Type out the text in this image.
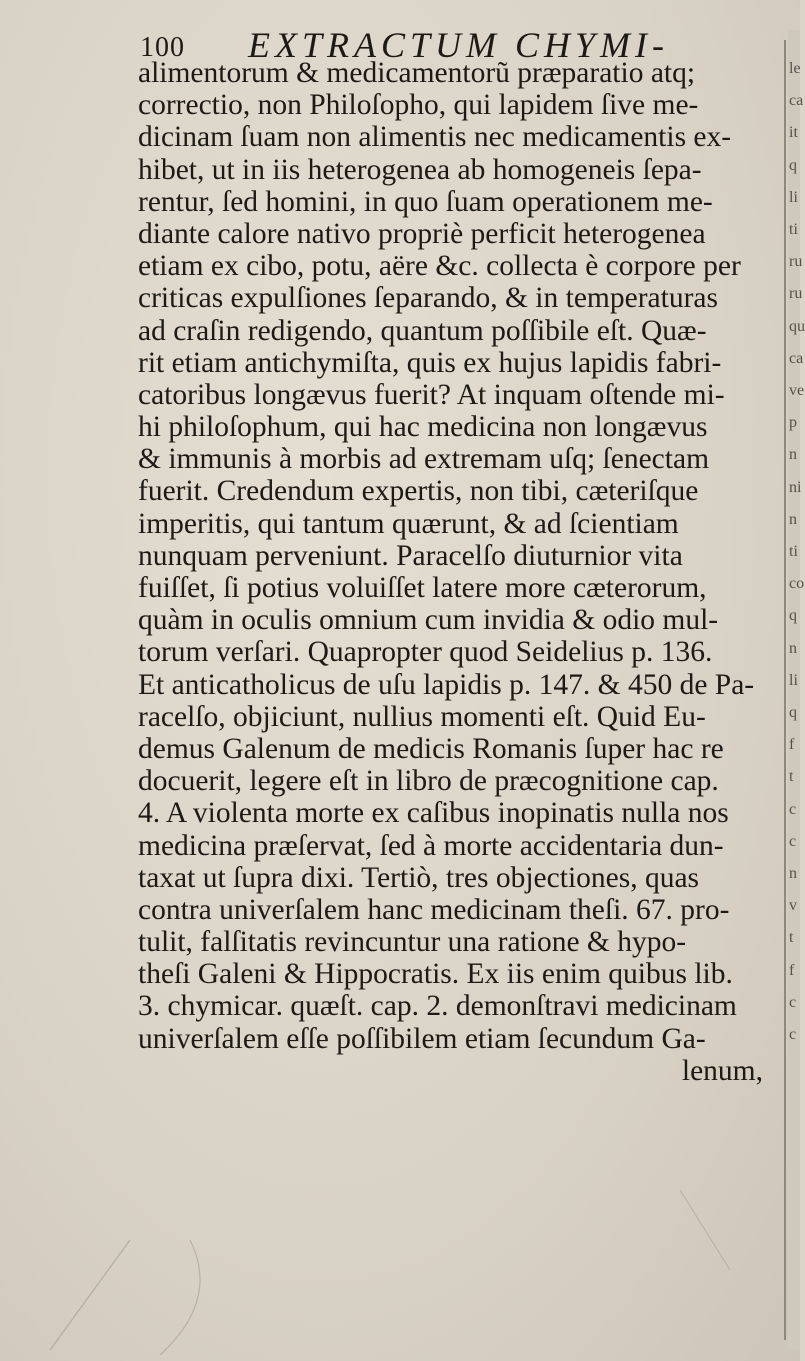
100 EXTRACTUM CHYMI-
alimentorum & medicamentorũ præparatio atq;
correctio, non Philoſopho, qui lapidem ſive me-
dicinam ſuam non alimentis nec medicamentis ex-
hibet, ut in iis heterogenea ab homogeneis ſepa-
rentur, ſed homini, in quo ſuam operationem me-
diante calore nativo propriè perficit heterogenea
etiam ex cibo, potu, aëre &c. collecta è corpore per
criticas expulſiones ſeparando, & in temperaturas
ad craſin redigendo, quantum poſſibile eſt. Quæ-
rit etiam antichymiſta, quis ex hujus lapidis fabri-
catoribus longævus fuerit? At inquam oſtende mi-
hi philoſophum, qui hac medicina non longævus
& immunis à morbis ad extremam uſq; ſenectam
fuerit. Credendum expertis, non tibi, cæteriſque
imperitis, qui tantum quærunt, & ad ſcientiam
nunquam perveniunt. Paracelſo diuturnior vita
fuiſſet, ſi potius voluiſſet latere more cæterorum,
quàm in oculis omnium cum invidia & odio mul-
torum verſari. Quapropter quod Seidelius p. 136.
Et anticatholicus de uſu lapidis p. 147. & 450 de Pa-
racelſo, objiciunt, nullius momenti eſt. Quid Eu-
demus Galenum de medicis Romanis ſuper hac re
docuerit, legere eſt in libro de præcognitione cap.
4. A violenta morte ex caſibus inopinatis nulla nos
medicina præſervat, ſed à morte accidentaria dun-
taxat ut ſupra dixi. Tertiò, tres objectiones, quas
contra univerſalem hanc medicinam theſi. 67. pro-
tulit, falſitatis revincuntur una ratione & hypo-
theſi Galeni & Hippocratis. Ex iis enim quibus lib.
3. chymicar. quæſt. cap. 2. demonſtravi medicinam
univerſalem eſſe poſſibilem etiam ſecundum Ga-
lenum,
le
ca
it
q
li
ti
ru
ru
qu
ca
ve
p
n
ni
n
ti
co
q
n
li
q
f
t
c
c
n
v
t
f
c
c
